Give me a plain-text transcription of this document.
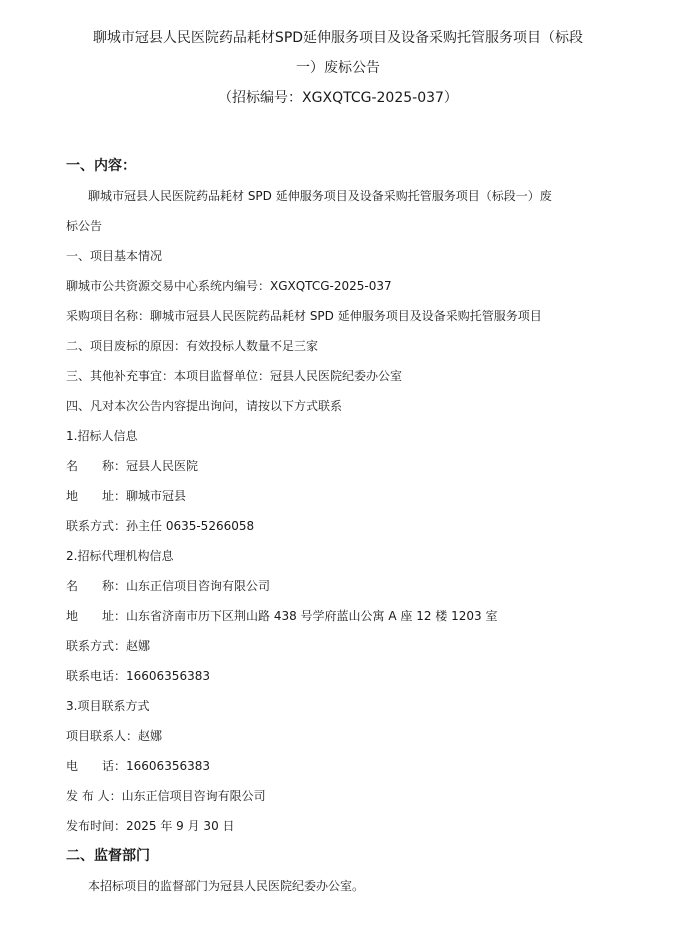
聊城市冠县人民医院药品耗材SPD延伸服务项目及设备采购托管服务项目（标段
一）废标公告
（招标编号：XGXQTCG-2025-037）
一、内容：
聊城市冠县人民医院药品耗材 SPD 延伸服务项目及设备采购托管服务项目（标段一）废
标公告
一、项目基本情况
聊城市公共资源交易中心系统内编号：XGXQTCG-2025-037
采购项目名称：聊城市冠县人民医院药品耗材 SPD 延伸服务项目及设备采购托管服务项目
二、项目废标的原因：有效投标人数量不足三家
三、其他补充事宜：本项目监督单位：冠县人民医院纪委办公室
四、凡对本次公告内容提出询问，请按以下方式联系
1.招标人信息
名　　称：冠县人民医院
地　　址：聊城市冠县
联系方式：孙主任 0635-5266058
2.招标代理机构信息
名　　称：山东正信项目咨询有限公司
地　　址：山东省济南市历下区荆山路 438 号学府蓝山公寓 A 座 12 楼 1203 室
联系方式：赵娜
联系电话：16606356383
3.项目联系方式
项目联系人：赵娜
电　　话：16606356383
发 布 人：山东正信项目咨询有限公司
发布时间：2025 年 9 月 30 日
二、监督部门
本招标项目的监督部门为冠县人民医院纪委办公室。
